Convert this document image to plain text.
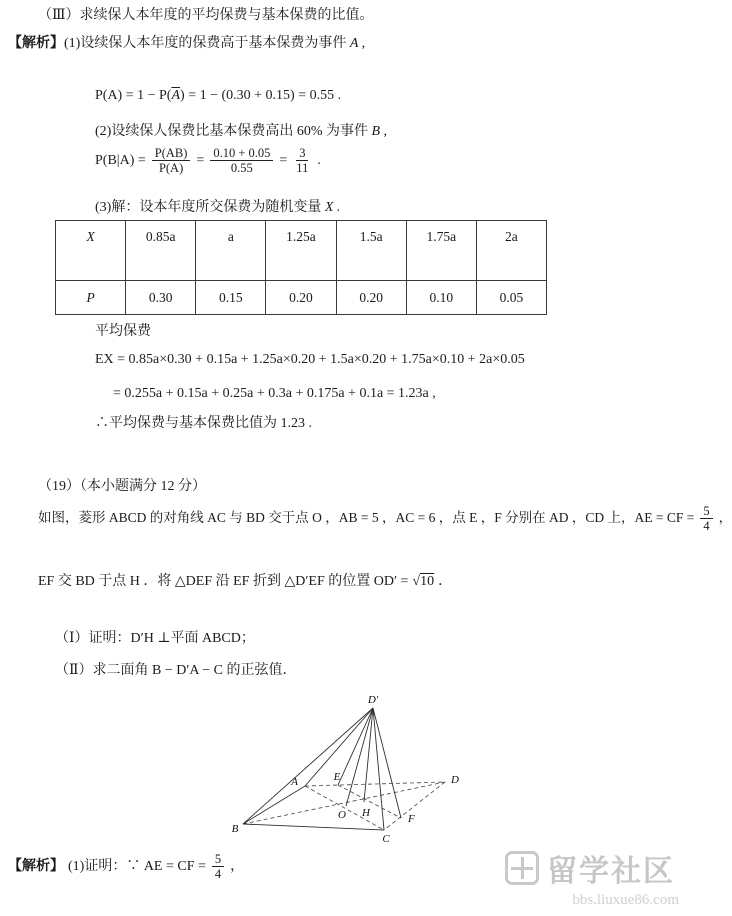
（Ⅲ）求续保人本年度的平均保费与基本保费的比值。
【解析】(1)设续保人本年度的保费高于基本保费为事件 A ,
$P(A) = 1 - P(\overline{A}) = 1 - (0.30 + 0.15) = 0.55$ .
(2)设续保人保费比基本保费高出 60% 为事件 B ,
$P(B|A) = \frac{P(AB)}{P(A)} = \frac{0.10 + 0.05}{0.55} = \frac{3}{11}$ .
(3)解：设本年度所交保费为随机变量 X .
X	0.85a	a	1.25a	1.5a	1.75a	2a
P	0.30	0.15	0.20	0.20	0.10	0.05
平均保费
EX = 0.85a×0.30 + 0.15a + 1.25a×0.20 + 1.5a×0.20 + 1.75a×0.10 + 2a×0.05
= 0.255a + 0.15a + 0.25a + 0.3a + 0.175a + 0.1a = 1.23a ,
∴平均保费与基本保费比值为 1.23 .
（19）（本小题满分 12 分）
如图，菱形 ABCD 的对角线 AC 与 BD 交于点 O ，AB = 5 ，AC = 6 ，点 E ，F 分别在 AD ，CD 上，AE = CF = $\frac{5}{4}$ ，
EF 交 BD 于点 H ．将 △DEF 沿 EF 折到 △D′EF 的位置 OD′ = √10 ．
（Ⅰ）证明：D′H ⊥平面 ABCD；
（Ⅱ）求二面角 B − D′A − C 的正弦值．
D′
A	E	D
O H
B
C
F
【解析】 (1)证明：∵ AE = CF = $\frac{5}{4}$ ，	留学社区
bbs.liuxue86.com
